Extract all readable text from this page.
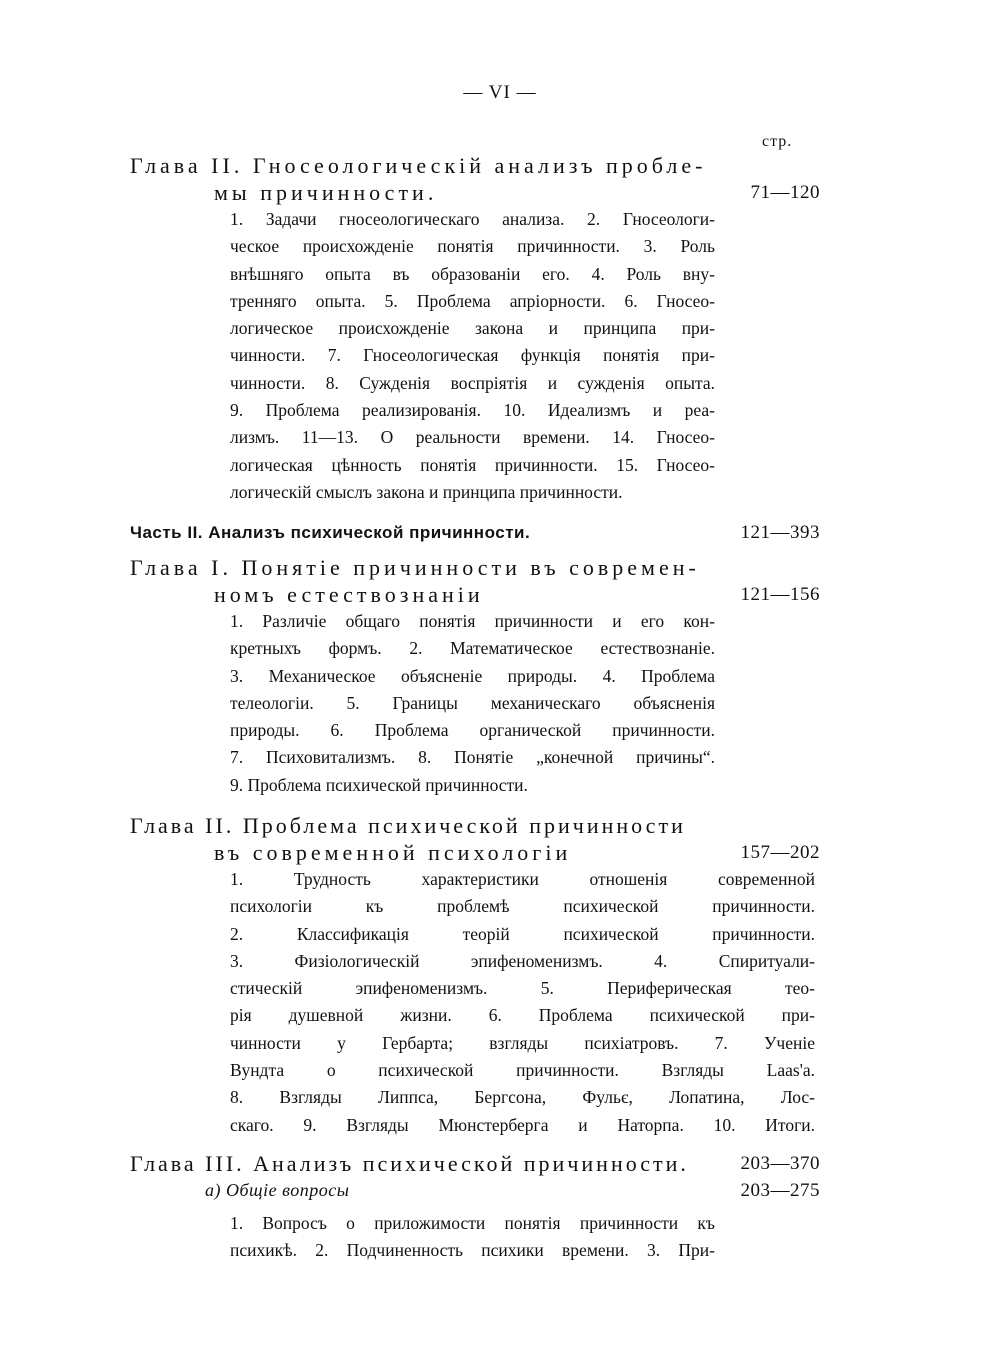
— VI —
стр.
Глава II. Гносеологическій анализъ пробле-
мы причинности.	71—120
1. Задачи гносеологическаго анализа. 2. Гносеологи-
ческое происхожденіе понятія причинности. 3. Роль
внѣшняго опыта въ образованіи его. 4. Роль вну-
тренняго опыта. 5. Проблема апріорности. 6. Гносео-
логическое происхожденіе закона и принципа при-
чинности. 7. Гносеологическая функція понятія при-
чинности. 8. Сужденія воспріятія и сужденія опыта.
9. Проблема реализированія. 10. Идеализмъ и реа-
лизмъ. 11—13. О реальности времени. 14. Гносео-
логическая цѣнность понятія причинности. 15. Гносео-
логическій смыслъ закона и принципа причинности.
Часть II. Анализъ психической причинности.	121—393
Глава I. Понятіе причинности въ современ-
номъ естествознаніи	121—156
1. Различіе общаго понятія причинности и его кон-
кретныхъ формъ. 2. Математическое естествознаніе.
3. Механическое объясненіе природы. 4. Проблема
телеологіи. 5. Границы механическаго объясненія
природы. 6. Проблема органической причинности.
7. Психовитализмъ. 8. Понятіе „конечной причины“.
9. Проблема психической причинности.
Глава II. Проблема психической причинности
въ современной психологіи	157—202
1. Трудность характеристики отношенія современной
психологіи къ проблемѣ психической причинности.
2. Классификація теорій психической причинности.
3. Физіологическій эпифеноменизмъ. 4. Спиритуали-
стическій эпифеноменизмъ. 5. Периферическая тео-
рія душевной жизни. 6. Проблема психической при-
чинности у Гербарта; взгляды психіатровъ. 7. Ученіе
Вундта о психической причинности. Взгляды Laas'a.
8. Взгляды Липпса, Бергсона, Фульє, Лопатина, Лос-
скаго. 9. Взгляды Мюнстерберга и Наторпа. 10. Итоги.
Глава III. Анализъ психической причинности.	203—370
а) Общіе вопросы	203—275
1. Вопросъ о приложимости понятія причинности къ
психикѣ. 2. Подчиненность психики времени. 3. При-
